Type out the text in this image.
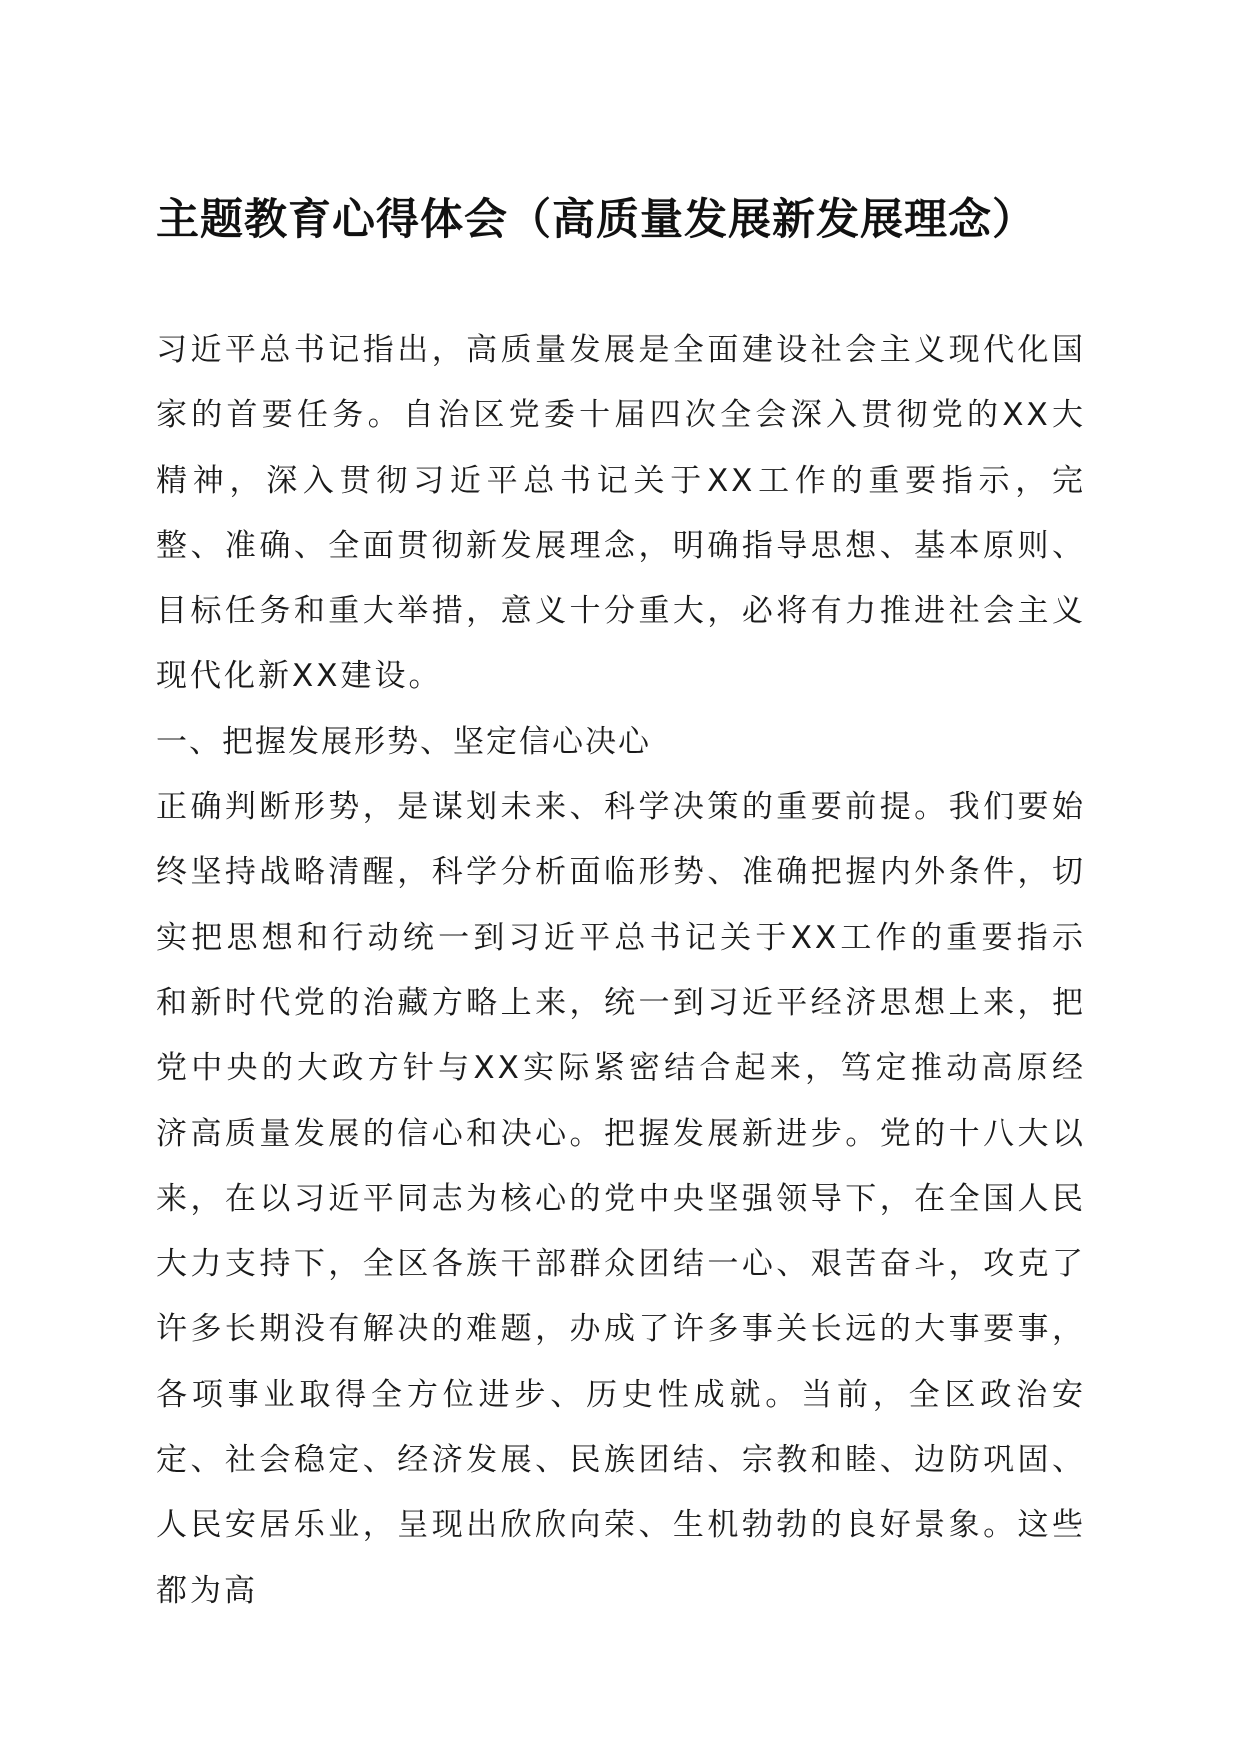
主题教育心得体会（高质量发展新发展理念）

习近平总书记指出，高质量发展是全面建设社会主义现代化国家的首要任务。自治区党委十届四次全会深入贯彻党的XX大精神，深入贯彻习近平总书记关于XX工作的重要指示，完整、准确、全面贯彻新发展理念，明确指导思想、基本原则、目标任务和重大举措，意义十分重大，必将有力推进社会主义现代化新XX建设。

一、把握发展形势、坚定信心决心

正确判断形势，是谋划未来、科学决策的重要前提。我们要始终坚持战略清醒，科学分析面临形势、准确把握内外条件，切实把思想和行动统一到习近平总书记关于XX工作的重要指示和新时代党的治藏方略上来，统一到习近平经济思想上来，把党中央的大政方针与XX实际紧密结合起来，笃定推动高原经济高质量发展的信心和决心。把握发展新进步。党的十八大以来，在以习近平同志为核心的党中央坚强领导下，在全国人民大力支持下，全区各族干部群众团结一心、艰苦奋斗，攻克了许多长期没有解决的难题，办成了许多事关长远的大事要事，各项事业取得全方位进步、历史性成就。当前，全区政治安定、社会稳定、经济发展、民族团结、宗教和睦、边防巩固、人民安居乐业，呈现出欣欣向荣、生机勃勃的良好景象。这些都为高
